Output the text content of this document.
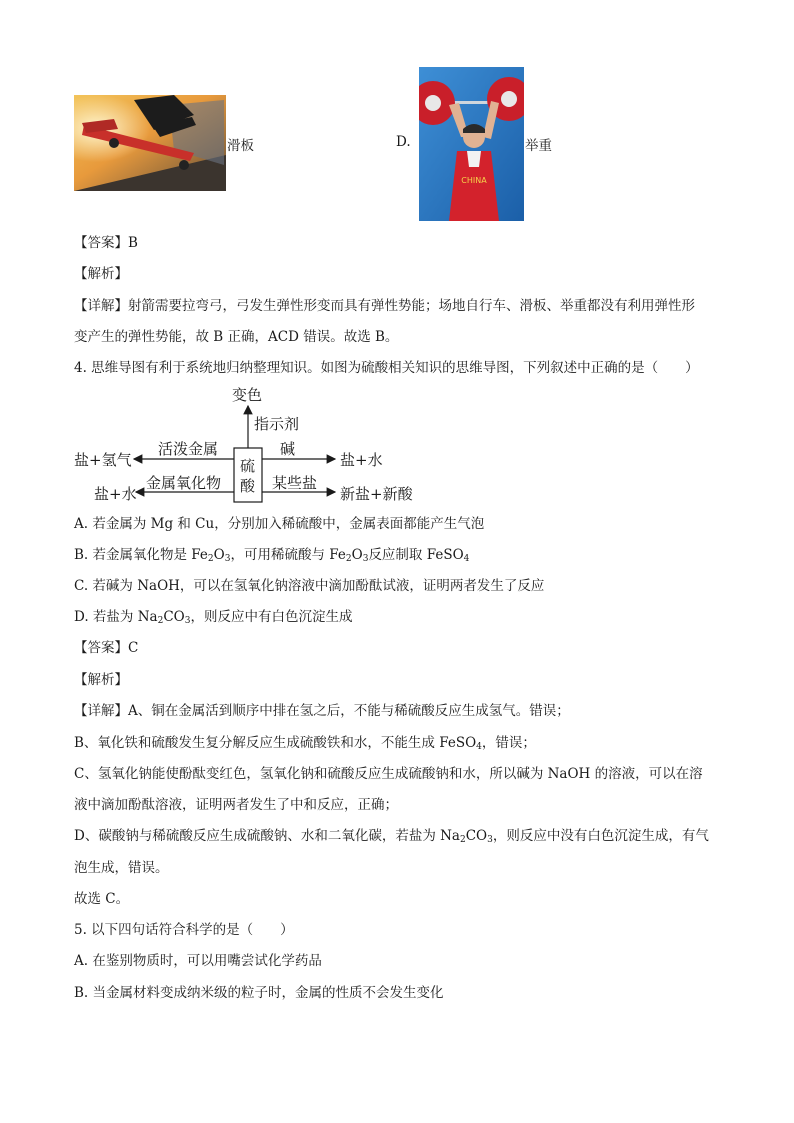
滑板	D.
CHINA
举重
【答案】B
【解析】
【详解】射箭需要拉弯弓，弓发生弹性形变而具有弹性势能；场地自行车、滑板、举重都没有利用弹性形
变产生的弹性势能，故 B 正确，ACD 错误。故选 B。
4. 思维导图有利于系统地归纳整理知识。如图为硫酸相关知识的思维导图，下列叙述中正确的是（　　）
硫酸
变色
指示剂
活泼金属
盐+氢气
金属氧化物
盐+水
碱
盐+水
某些盐
新盐+新酸
A. 若金属为 Mg 和 Cu，分别加入稀硫酸中，金属表面都能产生气泡
B. 若金属氧化物是 $Fe_2O_3$，可用稀硫酸与 $Fe_2O_3$反应制取 FeSO$_4$
C. 若碱为 NaOH，可以在氢氧化钠溶液中滴加酚酞试液，证明两者发生了反应
D. 若盐为 $Na_2CO_3$，则反应中有白色沉淀生成
【答案】C
【解析】
【详解】A、铜在金属活到顺序中排在氢之后，不能与稀硫酸反应生成氢气。错误；
B、氧化铁和硫酸发生复分解反应生成硫酸铁和水，不能生成 FeSO$_4$，错误；
C、氢氧化钠能使酚酞变红色，氢氧化钠和硫酸反应生成硫酸钠和水，所以碱为 NaOH 的溶液，可以在溶
液中滴加酚酞溶液，证明两者发生了中和反应，正确；
D、碳酸钠与稀硫酸反应生成硫酸钠、水和二氧化碳，若盐为 $Na_2CO_3$，则反应中没有白色沉淀生成，有气
泡生成，错误。
故选 C。
5. 以下四句话符合科学的是（　　）
A. 在鉴别物质时，可以用嘴尝试化学药品
B. 当金属材料变成纳米级的粒子时，金属的性质不会发生变化
